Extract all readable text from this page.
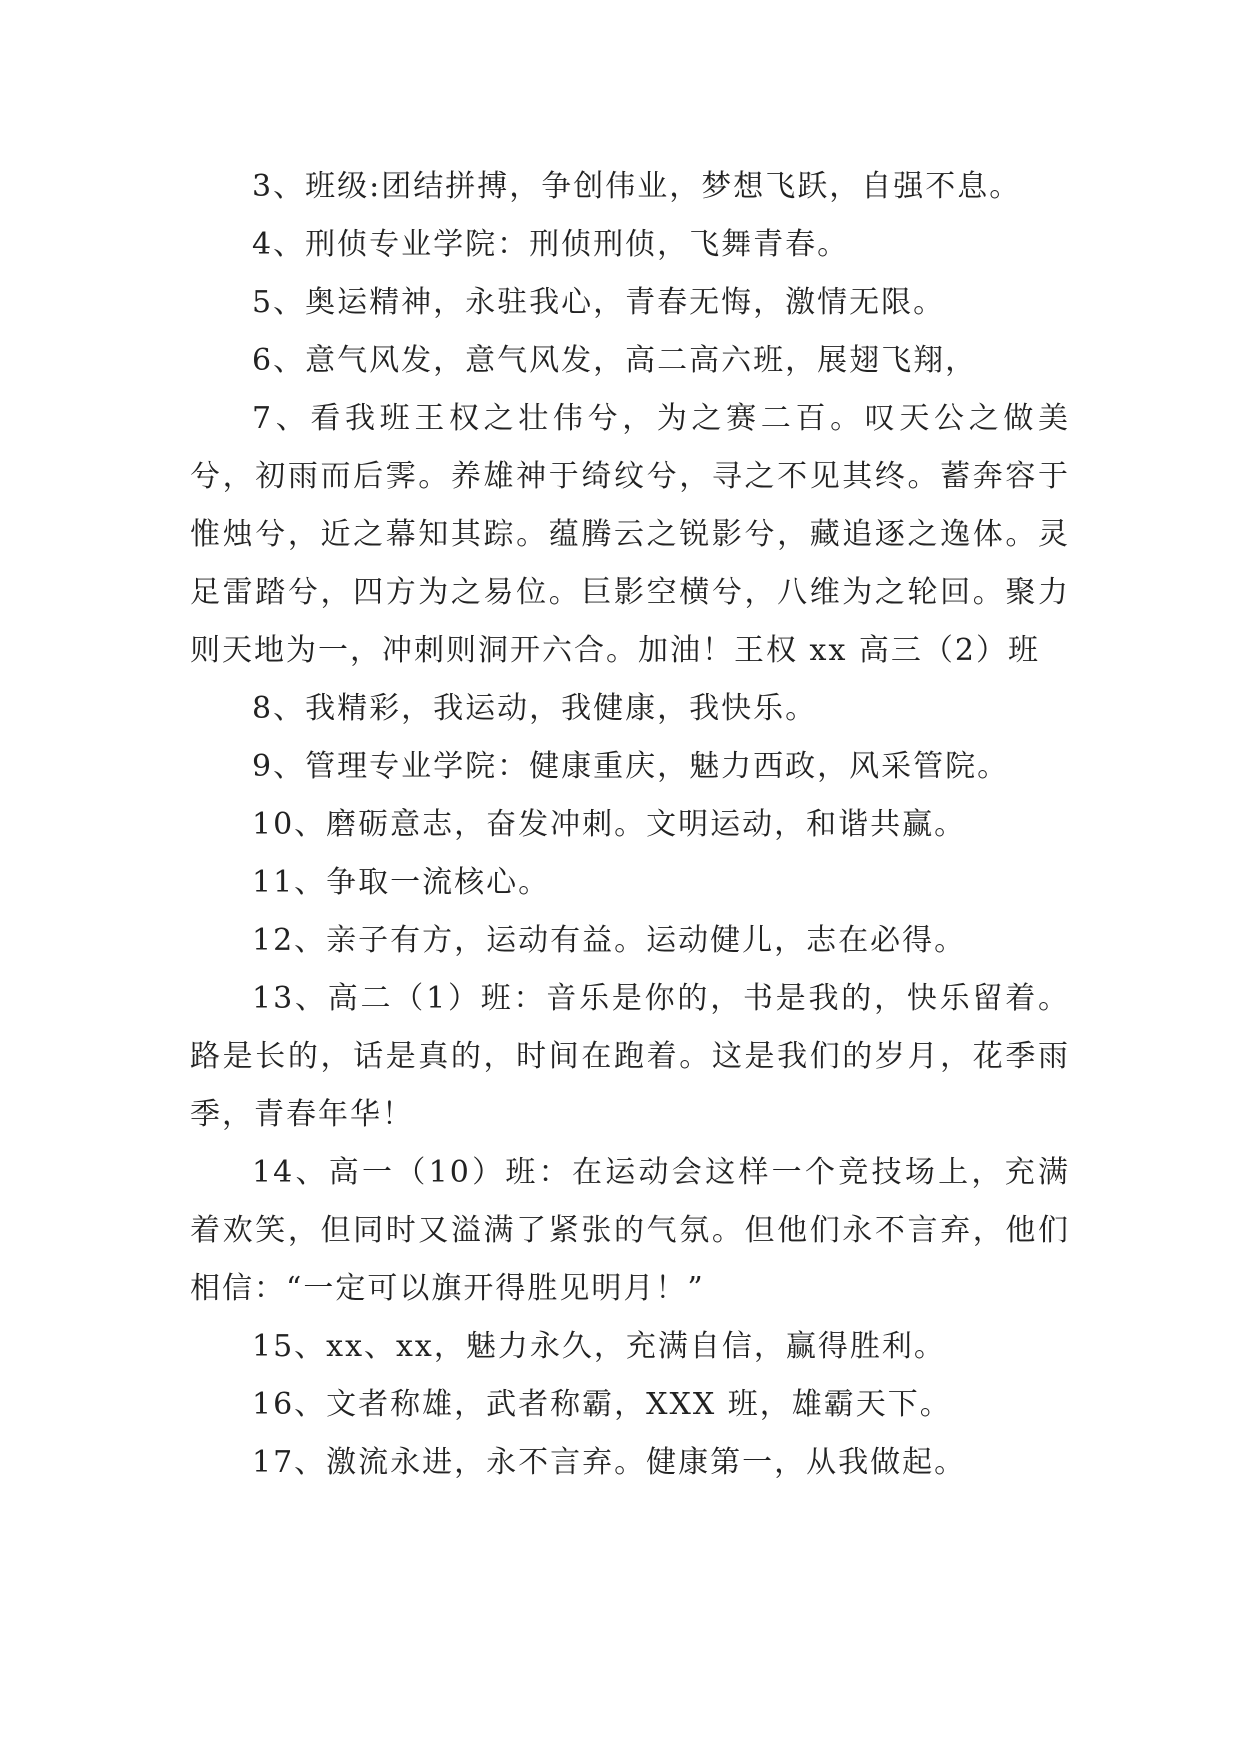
3、班级:团结拼搏，争创伟业，梦想飞跃，自强不息。

4、刑侦专业学院：刑侦刑侦，飞舞青春。

5、奥运精神，永驻我心，青春无悔，激情无限。

6、意气风发，意气风发，高二高六班，展翅飞翔，

7、看我班王权之壮伟兮，为之赛二百。叹天公之做美兮，初雨而后霁。养雄神于绮纹兮，寻之不见其终。蓄奔容于惟烛兮，近之幕知其踪。蕴腾云之锐影兮，藏追逐之逸体。灵足雷踏兮，四方为之易位。巨影空横兮，八维为之轮回。聚力则天地为一，冲刺则洞开六合。加油！王权 xx 高三（2）班

8、我精彩，我运动，我健康，我快乐。

9、管理专业学院：健康重庆，魅力西政，风采管院。

10、磨砺意志，奋发冲刺。文明运动，和谐共赢。

11、争取一流核心。

12、亲子有方，运动有益。运动健儿，志在必得。

13、高二（1）班：音乐是你的，书是我的，快乐留着。路是长的，话是真的，时间在跑着。这是我们的岁月，花季雨季，青春年华！

14、高一（10）班：在运动会这样一个竞技场上，充满着欢笑，但同时又溢满了紧张的气氛。但他们永不言弃，他们相信：“一定可以旗开得胜见明月！”

15、xx、xx，魅力永久，充满自信，赢得胜利。

16、文者称雄，武者称霸，XXX 班，雄霸天下。

17、激流永进，永不言弃。健康第一，从我做起。
